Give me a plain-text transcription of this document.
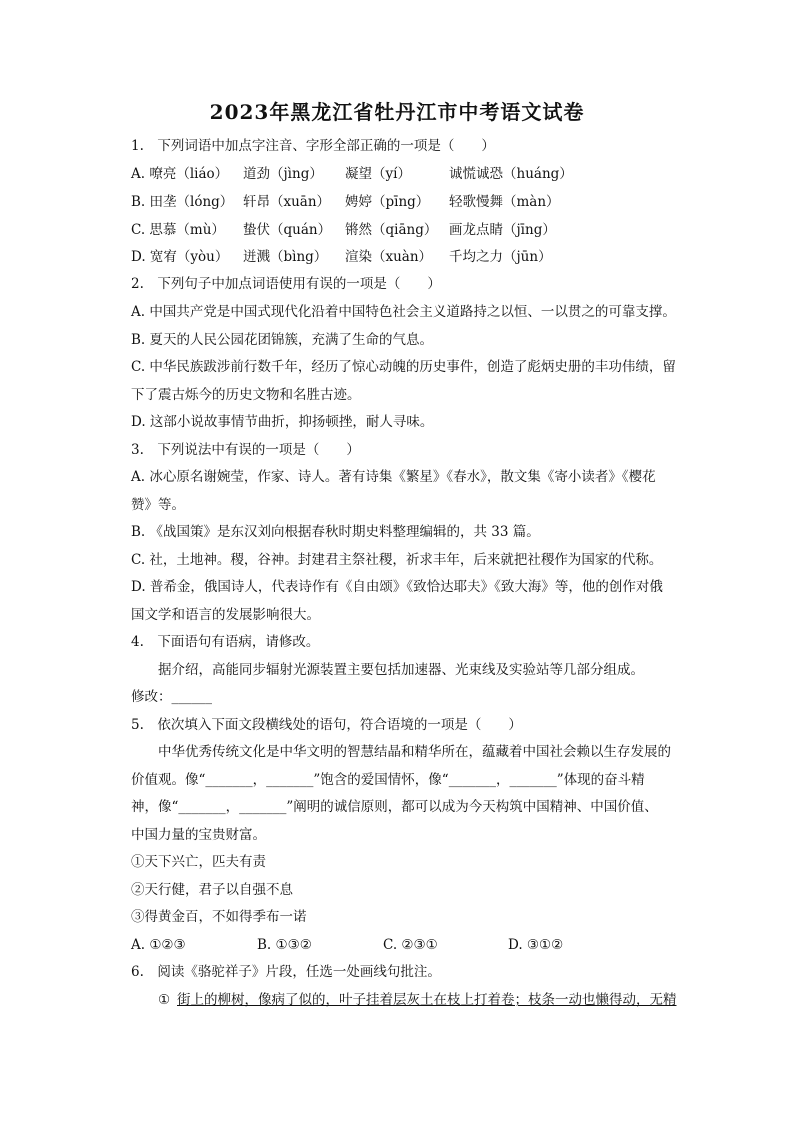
2023年黑龙江省牡丹江市中考语文试卷

1.　下列词语中加点字注音、字形全部正确的一项是（　　）

A. 嘹亮（liáo） 道劲（jìng） 凝望（yí）	诚慌诚恐（huáng）
B. 田垄（lóng） 轩昂（xuān） 娉婷（pīng） 轻歌慢舞（màn）
C. 思慕（mù） 蛰伏（quán） 锵然（qiāng） 画龙点睛（jīng）
D. 宽宥（yòu） 迸溅（bìng） 渲染（xuàn） 千均之力（jūn）

2.　下列句子中加点词语使用有误的一项是（　　）

A. 中国共产党是中国式现代化沿着中国特色社会主义道路持之以恒、一以贯之的可靠支撑。

B. 夏天的人民公园花团锦簇，充满了生命的气息。

C. 中华民族跋涉前行数千年，经历了惊心动魄的历史事件，创造了彪炳史册的丰功伟绩，留

下了震古烁今的历史文物和名胜古迹。

D. 这部小说故事情节曲折，抑扬顿挫，耐人寻味。

3.　下列说法中有误的一项是（　　）

A. 冰心原名谢婉莹，作家、诗人。著有诗集《繁星》《春水》，散文集《寄小读者》《樱花

赞》等。

B. 《战国策》是东汉刘向根据春秋时期史料整理编辑的，共 33 篇。

C. 社，土地神。稷，谷神。封建君主祭社稷，祈求丰年，后来就把社稷作为国家的代称。

D. 普希金，俄国诗人，代表诗作有《自由颂》《致恰达耶夫》《致大海》等，他的创作对俄

国文学和语言的发展影响很大。

4.　下面语句有语病，请修改。

据介绍，高能同步辐射光源装置主要包括加速器、光束线及实验站等几部分组成。

修改：______

5.　依次填入下面文段横线处的语句，符合语境的一项是（　　）

中华优秀传统文化是中华文明的智慧结晶和精华所在，蕴藏着中国社会赖以生存发展的

价值观。像“_______，_______”饱含的爱国情怀，像“_______，_______”体现的奋斗精

神，像“_______，_______”阐明的诚信原则，都可以成为今天构筑中国精神、中国价值、

中国力量的宝贵财富。

①天下兴亡，匹夫有责

②天行健，君子以自强不息

③得黄金百，不如得季布一诺

A. ①②③	B. ①③②	C. ②③①	D. ③①②

6.　阅读《骆驼祥子》片段，任选一处画线句批注。

① 街上的柳树，像病了似的，叶子挂着层灰土在枝上打着卷；枝条一动也懒得动，无精
